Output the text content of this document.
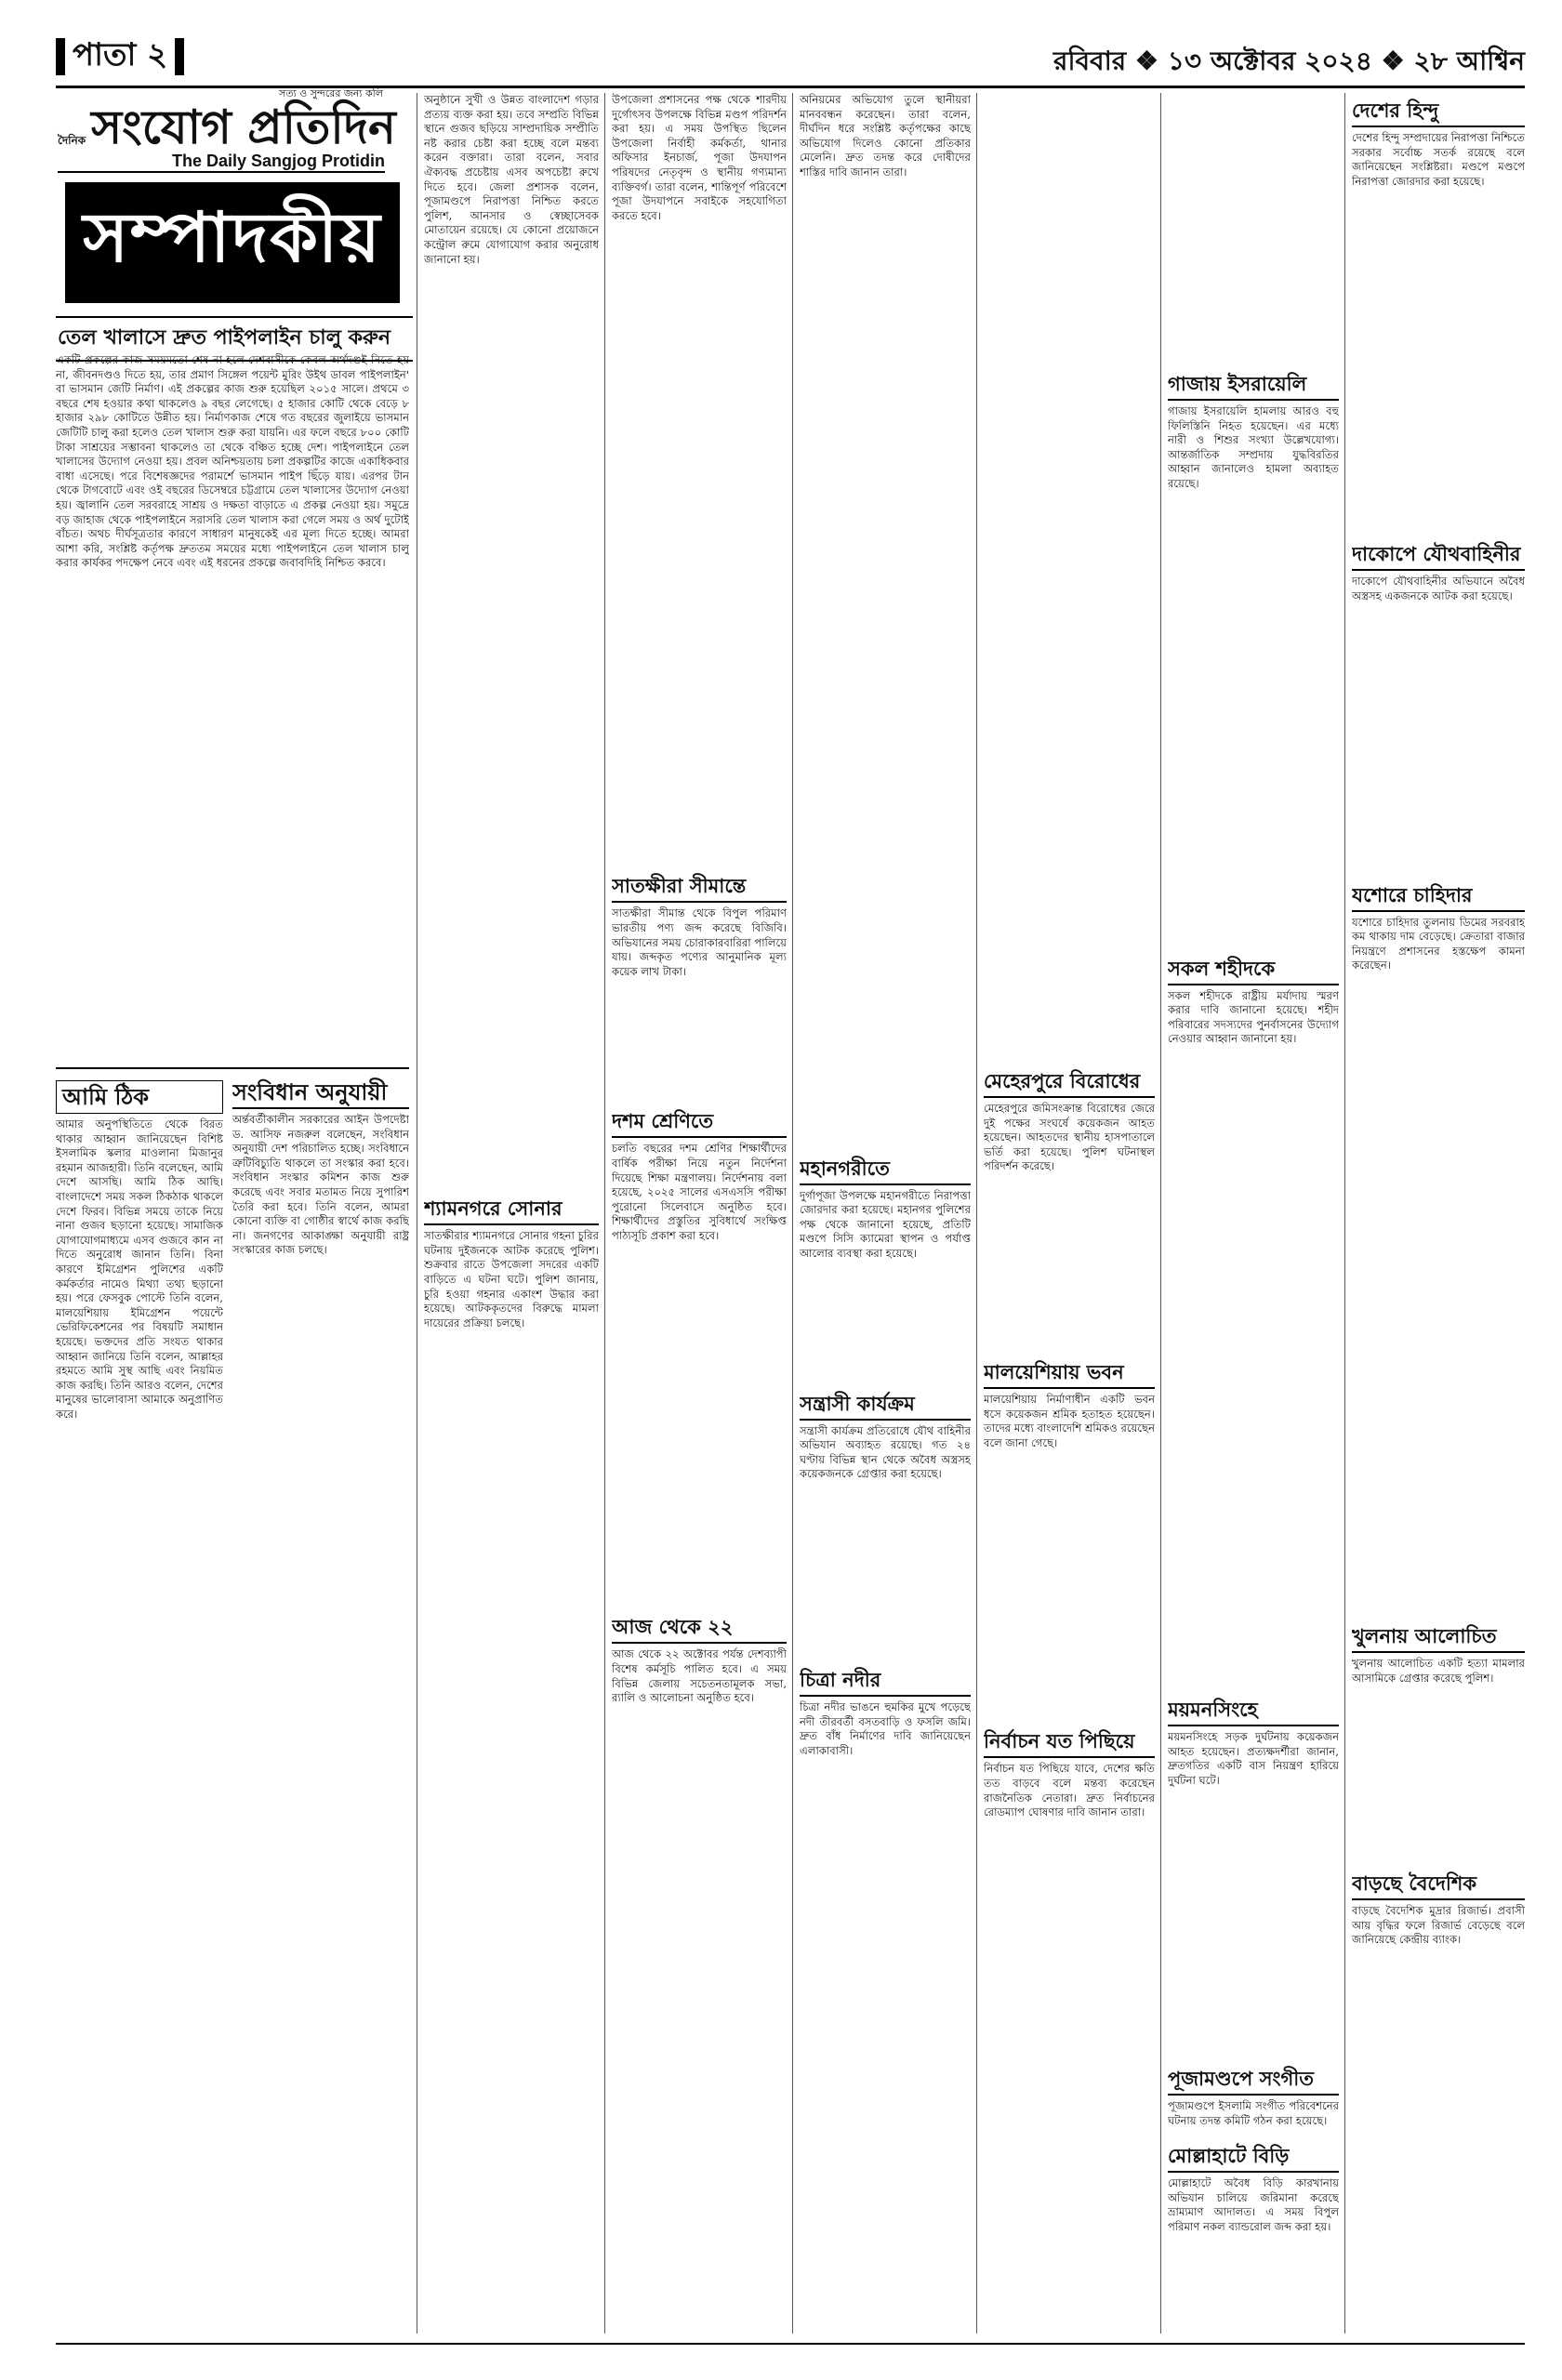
পাতা ২	রবিবার ❖ ১৩ অক্টোবর ২০২৪ ❖ ২৮ আশ্বিন
সত্য ও সুন্দরের জন্য কলি
দৈনিক সংযোগ প্রতিদিন
The Daily Sangjog Protidin
সম্পাদকীয়
তেল খালাসে দ্রুত পাইপলাইন চালু করুন

একটি প্রকল্পের কাজ সময়মতো শেষ না হলে দেশবাসীকে কেবল অর্থদণ্ডই নিতে হয় না, জীবনদণ্ডও দিতে হয়, তার প্রমাণ সিঙ্গেল পয়েন্ট মুরিং উইথ ডাবল পাইপলাইন' বা ভাসমান জেটি নির্মাণ। এই প্রকল্পের কাজ শুরু হয়েছিল ২০১৫ সালে। প্রথমে ৩ বছরে শেষ হওয়ার কথা থাকলেও ৯ বছর লেগেছে। ৫ হাজার কোটি থেকে বেড়ে ৮ হাজার ২৯৮ কোটিতে উন্নীত হয়। নির্মাণকাজ শেষে গত বছরের জুলাইয়ে ভাসমান জেটিটি চালু করা হলেও তেল খালাস শুরু করা যায়নি। এর ফলে বছরে ৮০০ কোটি টাকা সাশ্রয়ের সম্ভাবনা থাকলেও তা থেকে বঞ্চিত হচ্ছে দেশ। পাইপলাইনে তেল খালাসের উদ্যোগ নেওয়া হয়। প্রবল অনিশ্চয়তায় চলা প্রকল্পটির কাজে একাধিকবার বাধা এসেছে। পরে বিশেষজ্ঞদের পরামর্শে ভাসমান পাইপ ছিঁড়ে যায়। এরপর টান থেকে টাগবোটে এবং ওই বছরের ডিসেম্বরে চট্টগ্রামে তেল খালাসের উদ্যোগ নেওয়া হয়। জ্বালানি তেল সরবরাহে সাশ্রয় ও দক্ষতা বাড়াতে এ প্রকল্প নেওয়া হয়। সমুদ্রে বড় জাহাজ থেকে পাইপলাইনে সরাসরি তেল খালাস করা গেলে সময় ও অর্থ দুটোই বাঁচত। অথচ দীর্ঘসূত্রতার কারণে সাধারণ মানুষকেই এর মূল্য দিতে হচ্ছে। আমরা আশা করি, সংশ্লিষ্ট কর্তৃপক্ষ দ্রুততম সময়ের মধ্যে পাইপলাইনে তেল খালাস চালু করার কার্যকর পদক্ষেপ নেবে এবং এই ধরনের প্রকল্পে জবাবদিহি নিশ্চিত করবে।

আমি ঠিক

আমার অনুপস্থিতিতে থেকে বিরত থাকার আহ্বান জানিয়েছেন বিশিষ্ট ইসলামিক স্কলার মাওলানা মিজানুর রহমান আজহারী। তিনি বলেছেন, আমি দেশে আসছি। আমি ঠিক আছি। বাংলাদেশে সময় সকল ঠিকঠাক থাকলে দেশে ফিরব। বিভিন্ন সময়ে তাকে নিয়ে নানা গুজব ছড়ানো হয়েছে। সামাজিক যোগাযোগমাধ্যমে এসব গুজবে কান না দিতে অনুরোধ জানান তিনি। বিনা কারণে ইমিগ্রেশন পুলিশের একটি কর্মকর্তার নামেও মিথ্যা তথ্য ছড়ানো হয়। পরে ফেসবুক পোস্টে তিনি বলেন, মালয়েশিয়ায় ইমিগ্রেশন পয়েন্টে ভেরিফিকেশনের পর বিষয়টি সমাধান হয়েছে। ভক্তদের প্রতি সংযত থাকার আহ্বান জানিয়ে তিনি বলেন, আল্লাহর রহমতে আমি সুস্থ আছি এবং নিয়মিত কাজ করছি। তিনি আরও বলেন, দেশের মানুষের ভালোবাসা আমাকে অনুপ্রাণিত করে।

সংবিধান অনুযায়ী

অর্ন্তবর্তীকালীন সরকারের আইন উপদেষ্টা ড. আসিফ নজরুল বলেছেন, সংবিধান অনুযায়ী দেশ পরিচালিত হচ্ছে। সংবিধানে ত্রুটিবিচ্যুতি থাকলে তা সংস্কার করা হবে। সংবিধান সংস্কার কমিশন কাজ শুরু করেছে এবং সবার মতামত নিয়ে সুপারিশ তৈরি করা হবে। তিনি বলেন, আমরা কোনো ব্যক্তি বা গোষ্ঠীর স্বার্থে কাজ করছি না। জনগণের আকাঙ্ক্ষা অনুযায়ী রাষ্ট্র সংস্কারের কাজ চলছে।

অনুষ্ঠানে সুখী ও উন্নত বাংলাদেশ গড়ার প্রত্যয় ব্যক্ত করা হয়। তবে সম্প্রতি বিভিন্ন স্থানে গুজব ছড়িয়ে সাম্প্রদায়িক সম্প্রীতি নষ্ট করার চেষ্টা করা হচ্ছে বলে মন্তব্য করেন বক্তারা। তারা বলেন, সবার ঐক্যবদ্ধ প্রচেষ্টায় এসব অপচেষ্টা রুখে দিতে হবে। জেলা প্রশাসক বলেন, পূজামণ্ডপে নিরাপত্তা নিশ্চিত করতে পুলিশ, আনসার ও স্বেচ্ছাসেবক মোতায়েন রয়েছে। যে কোনো প্রয়োজনে কন্ট্রোল রুমে যোগাযোগ করার অনুরোধ জানানো হয়।

শ্যামনগরে সোনার

সাতক্ষীরার শ্যামনগরে সোনার গহনা চুরির ঘটনায় দুইজনকে আটক করেছে পুলিশ। শুক্রবার রাতে উপজেলা সদরের একটি বাড়িতে এ ঘটনা ঘটে। পুলিশ জানায়, চুরি হওয়া গহনার একাংশ উদ্ধার করা হয়েছে। আটককৃতদের বিরুদ্ধে মামলা দায়েরের প্রক্রিয়া চলছে।

উপজেলা প্রশাসনের পক্ষ থেকে শারদীয় দুর্গোৎসব উপলক্ষে বিভিন্ন মণ্ডপ পরিদর্শন করা হয়। এ সময় উপস্থিত ছিলেন উপজেলা নির্বাহী কর্মকর্তা, থানার অফিসার ইনচার্জ, পূজা উদযাপন পরিষদের নেতৃবৃন্দ ও স্থানীয় গণ্যমান্য ব্যক্তিবর্গ। তারা বলেন, শান্তিপূর্ণ পরিবেশে পূজা উদযাপনে সবাইকে সহযোগিতা করতে হবে।

সাতক্ষীরা সীমান্তে

সাতক্ষীরা সীমান্ত থেকে বিপুল পরিমাণ ভারতীয় পণ্য জব্দ করেছে বিজিবি। অভিযানের সময় চোরাকারবারিরা পালিয়ে যায়। জব্দকৃত পণ্যের আনুমানিক মূল্য কয়েক লাখ টাকা।

দশম শ্রেণিতে

চলতি বছরের দশম শ্রেণির শিক্ষার্থীদের বার্ষিক পরীক্ষা নিয়ে নতুন নির্দেশনা দিয়েছে শিক্ষা মন্ত্রণালয়। নির্দেশনায় বলা হয়েছে, ২০২৫ সালের এসএসসি পরীক্ষা পুরোনো সিলেবাসে অনুষ্ঠিত হবে। শিক্ষার্থীদের প্রস্তুতির সুবিধার্থে সংক্ষিপ্ত পাঠ্যসূচি প্রকাশ করা হবে।

আজ থেকে ২২

আজ থেকে ২২ অক্টোবর পর্যন্ত দেশব্যাপী বিশেষ কর্মসূচি পালিত হবে। এ সময় বিভিন্ন জেলায় সচেতনতামূলক সভা, র‍্যালি ও আলোচনা অনুষ্ঠিত হবে।

অনিয়মের অভিযোগ তুলে স্থানীয়রা মানববন্ধন করেছেন। তারা বলেন, দীর্ঘদিন ধরে সংশ্লিষ্ট কর্তৃপক্ষের কাছে অভিযোগ দিলেও কোনো প্রতিকার মেলেনি। দ্রুত তদন্ত করে দোষীদের শাস্তির দাবি জানান তারা।

মহানগরীতে

দুর্গাপূজা উপলক্ষে মহানগরীতে নিরাপত্তা জোরদার করা হয়েছে। মহানগর পুলিশের পক্ষ থেকে জানানো হয়েছে, প্রতিটি মণ্ডপে সিসি ক্যামেরা স্থাপন ও পর্যাপ্ত আলোর ব্যবস্থা করা হয়েছে।

সন্ত্রাসী কার্যক্রম

সন্ত্রাসী কার্যক্রম প্রতিরোধে যৌথ বাহিনীর অভিযান অব্যাহত রয়েছে। গত ২৪ ঘণ্টায় বিভিন্ন স্থান থেকে অবৈধ অস্ত্রসহ কয়েকজনকে গ্রেপ্তার করা হয়েছে।

চিত্রা নদীর

চিত্রা নদীর ভাঙনে হুমকির মুখে পড়েছে নদী তীরবর্তী বসতবাড়ি ও ফসলি জমি। দ্রুত বাঁধ নির্মাণের দাবি জানিয়েছেন এলাকাবাসী।

মেহেরপুরে বিরোধের

মেহেরপুরে জমিসংক্রান্ত বিরোধের জেরে দুই পক্ষের সংঘর্ষে কয়েকজন আহত হয়েছেন। আহতদের স্থানীয় হাসপাতালে ভর্তি করা হয়েছে। পুলিশ ঘটনাস্থল পরিদর্শন করেছে।

মালয়েশিয়ায় ভবন

মালয়েশিয়ায় নির্মাণাধীন একটি ভবন ধসে কয়েকজন শ্রমিক হতাহত হয়েছেন। তাদের মধ্যে বাংলাদেশি শ্রমিকও রয়েছেন বলে জানা গেছে।

নির্বাচন যত পিছিয়ে

নির্বাচন যত পিছিয়ে যাবে, দেশের ক্ষতি তত বাড়বে বলে মন্তব্য করেছেন রাজনৈতিক নেতারা। দ্রুত নির্বাচনের রোডম্যাপ ঘোষণার দাবি জানান তারা।

গাজায় ইসরায়েলি

গাজায় ইসরায়েলি হামলায় আরও বহু ফিলিস্তিনি নিহত হয়েছেন। এর মধ্যে নারী ও শিশুর সংখ্যা উল্লেখযোগ্য। আন্তর্জাতিক সম্প্রদায় যুদ্ধবিরতির আহ্বান জানালেও হামলা অব্যাহত রয়েছে।

সকল শহীদকে

সকল শহীদকে রাষ্ট্রীয় মর্যাদায় স্মরণ করার দাবি জানানো হয়েছে। শহীদ পরিবারের সদস্যদের পুনর্বাসনের উদ্যোগ নেওয়ার আহ্বান জানানো হয়।

ময়মনসিংহে

ময়মনসিংহে সড়ক দুর্ঘটনায় কয়েকজন আহত হয়েছেন। প্রত্যক্ষদর্শীরা জানান, দ্রুতগতির একটি বাস নিয়ন্ত্রণ হারিয়ে দুর্ঘটনা ঘটে।

পূজামণ্ডপে সংগীত

পূজামণ্ডপে ইসলামি সংগীত পরিবেশনের ঘটনায় তদন্ত কমিটি গঠন করা হয়েছে।

দেশের হিন্দু

দেশের হিন্দু সম্প্রদায়ের নিরাপত্তা নিশ্চিতে সরকার সর্বোচ্চ সতর্ক রয়েছে বলে জানিয়েছেন সংশ্লিষ্টরা। মণ্ডপে মণ্ডপে নিরাপত্তা জোরদার করা হয়েছে।

দাকোপে যৌথবাহিনীর

দাকোপে যৌথবাহিনীর অভিযানে অবৈধ অস্ত্রসহ একজনকে আটক করা হয়েছে।

যশোরে চাহিদার

যশোরে চাহিদার তুলনায় ডিমের সরবরাহ কম থাকায় দাম বেড়েছে। ক্রেতারা বাজার নিয়ন্ত্রণে প্রশাসনের হস্তক্ষেপ কামনা করেছেন।

খুলনায় আলোচিত

খুলনায় আলোচিত একটি হত্যা মামলার আসামিকে গ্রেপ্তার করেছে পুলিশ।

বাড়ছে বৈদেশিক

বাড়ছে বৈদেশিক মুদ্রার রিজার্ভ। প্রবাসী আয় বৃদ্ধির ফলে রিজার্ভ বেড়েছে বলে জানিয়েছে কেন্দ্রীয় ব্যাংক।

মোল্লাহাটে বিড়ি

মোল্লাহাটে অবৈধ বিড়ি কারখানায় অভিযান চালিয়ে জরিমানা করেছে ভ্রাম্যমাণ আদালত। এ সময় বিপুল পরিমাণ নকল ব্যান্ডরোল জব্দ করা হয়।
